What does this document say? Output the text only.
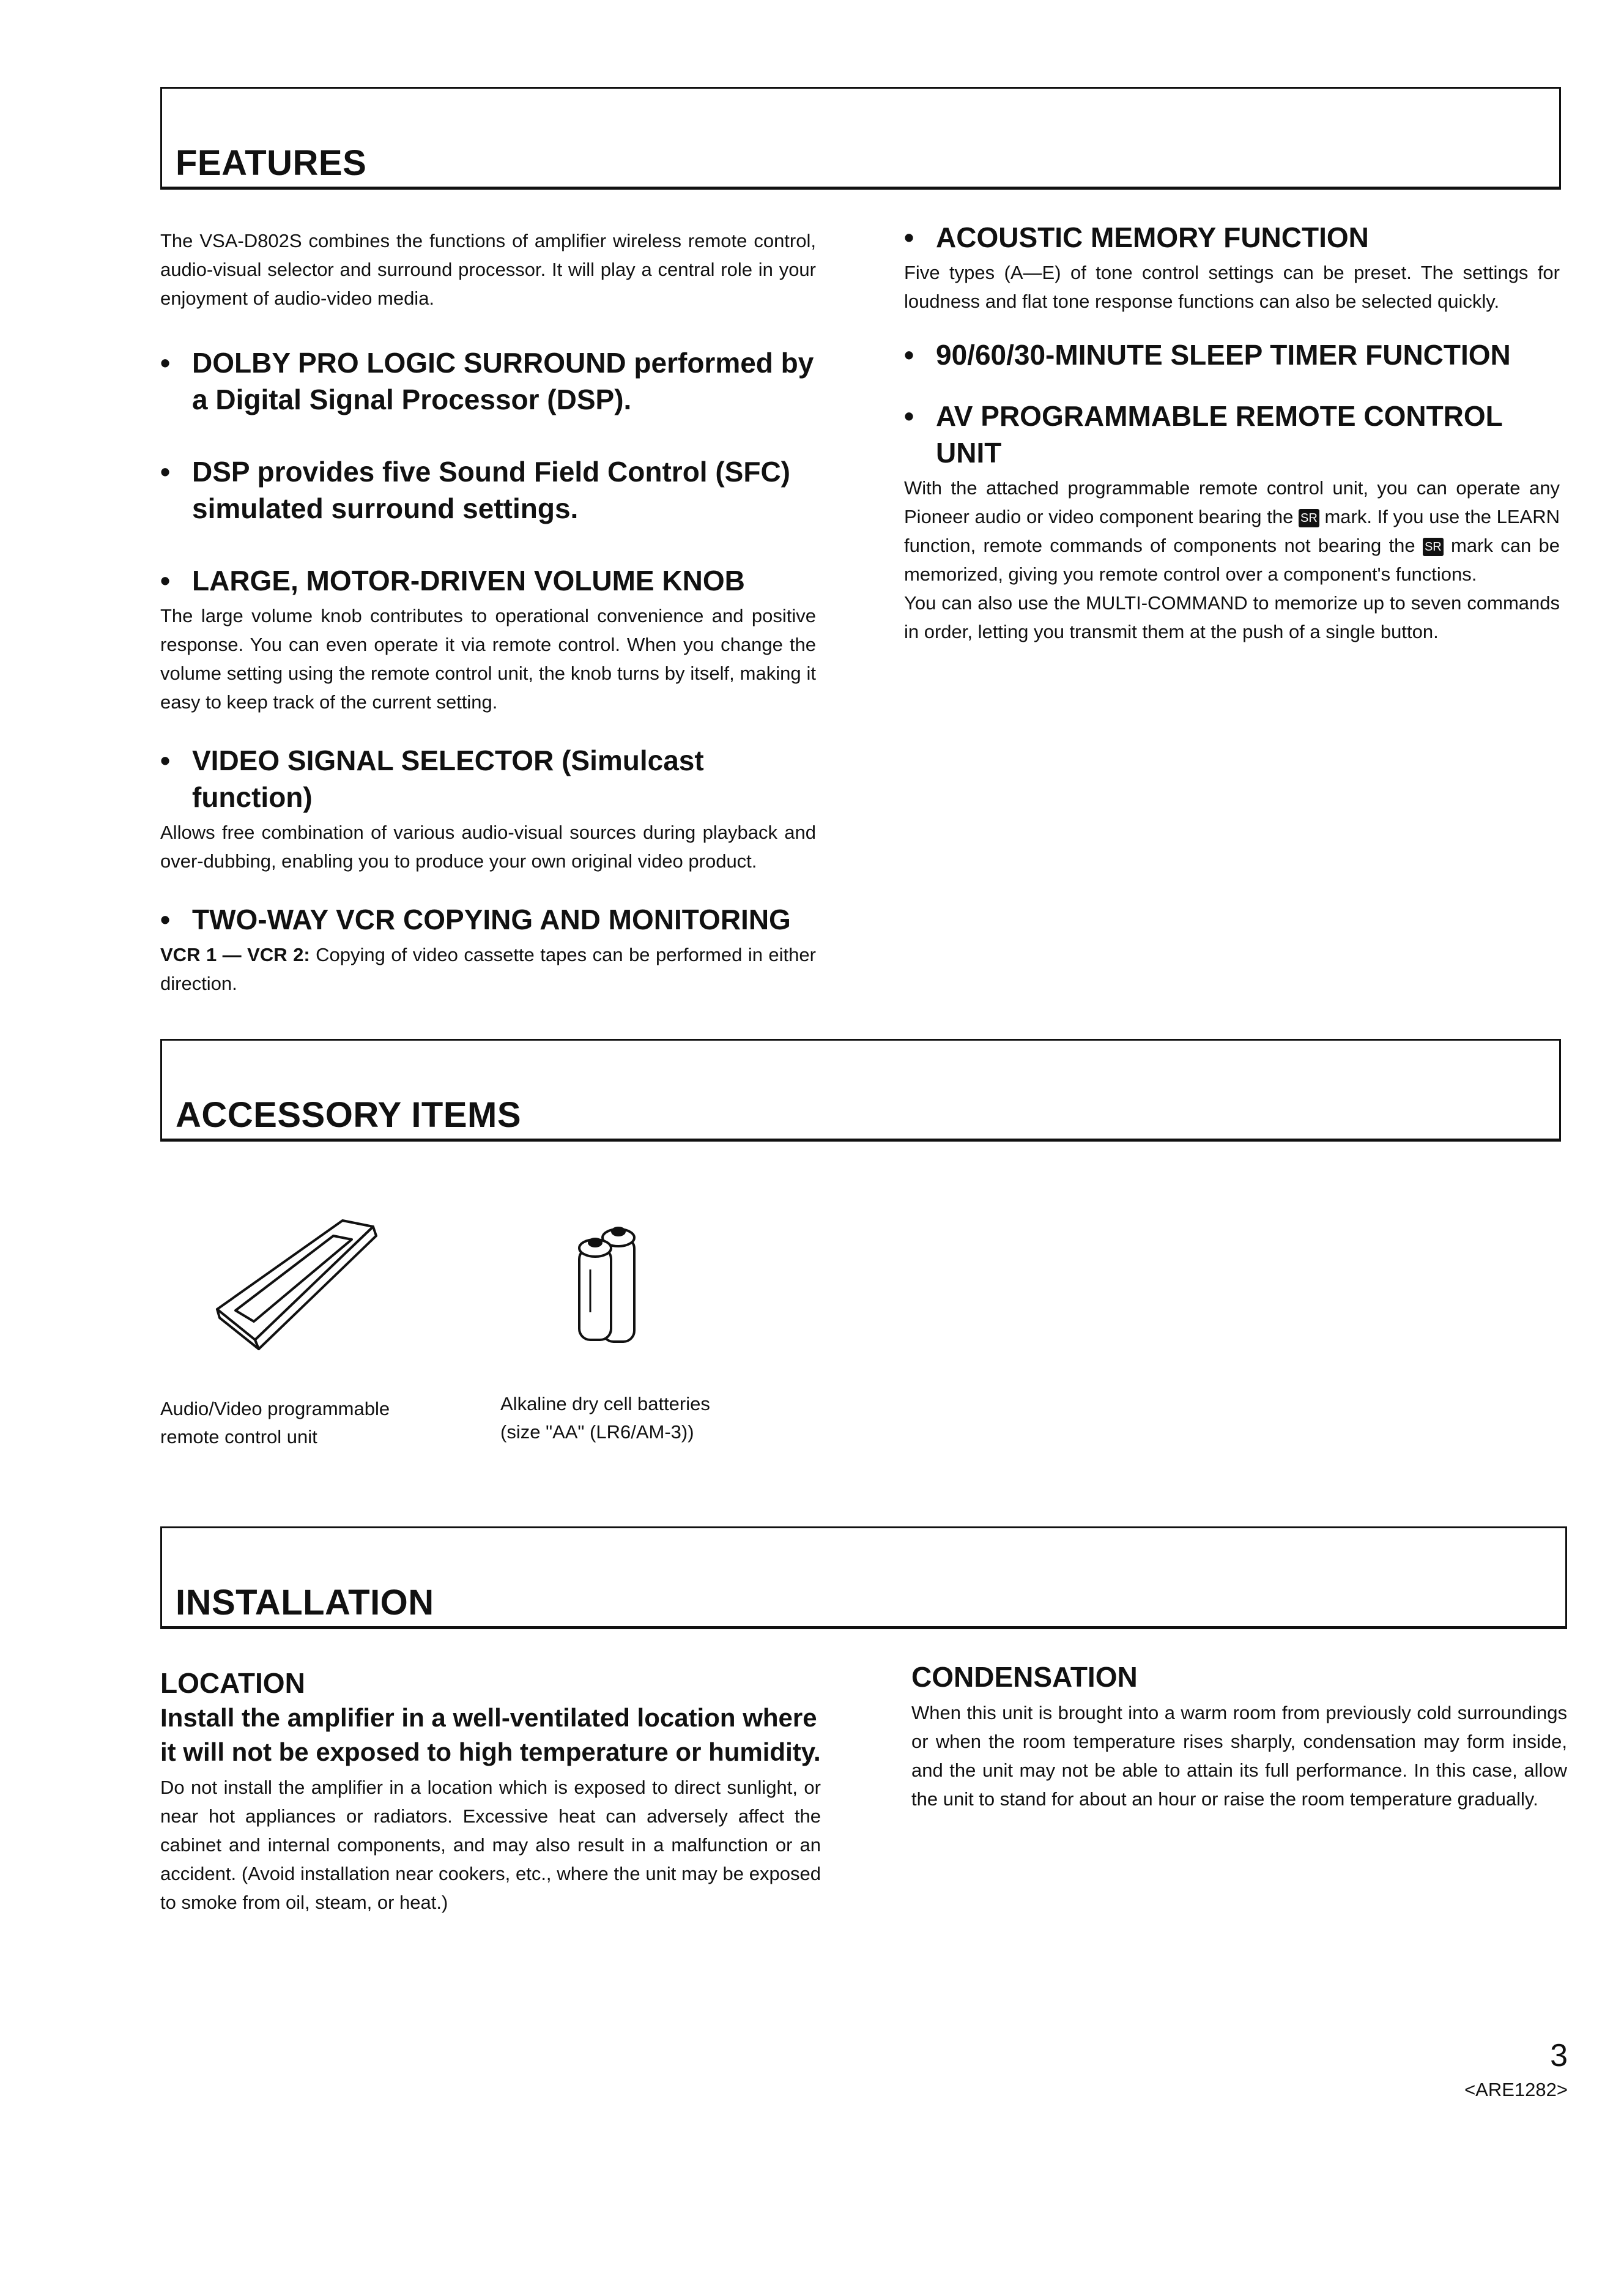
FEATURES

The VSA-D802S combines the functions of amplifier wireless remote control, audio-visual selector and surround processor. It will play a central role in your enjoyment of audio-video media.

• DOLBY PRO LOGIC SURROUND performed by a Digital Signal Processor (DSP).

• DSP provides five Sound Field Control (SFC) simulated surround settings.

• LARGE, MOTOR-DRIVEN VOLUME KNOB

The large volume knob contributes to operational convenience and positive response. You can even operate it via remote control. When you change the volume setting using the remote control unit, the knob turns by itself, making it easy to keep track of the current setting.

• VIDEO SIGNAL SELECTOR (Simulcast function)

Allows free combination of various audio-visual sources during playback and over-dubbing, enabling you to produce your own original video product.

• TWO-WAY VCR COPYING AND MONITORING

VCR 1 — VCR 2: Copying of video cassette tapes can be performed in either direction.

• ACOUSTIC MEMORY FUNCTION

Five types (A—E) of tone control settings can be preset. The settings for loudness and flat tone response functions can also be selected quickly.

• 90/60/30-MINUTE SLEEP TIMER FUNCTION

• AV PROGRAMMABLE REMOTE CONTROL UNIT

With the attached programmable remote control unit, you can operate any Pioneer audio or video component bearing the SR mark. If you use the LEARN function, remote commands of components not bearing the SR mark can be memorized, giving you remote control over a component's functions.

You can also use the MULTI-COMMAND to memorize up to seven commands in order, letting you transmit them at the push of a single button.

ACCESSORY ITEMS
Audio/Video programmable
remote control unit
Alkaline dry cell batteries
(size "AA" (LR6/AM-3))
INSTALLATION

LOCATION

Install the amplifier in a well-ventilated location where it will not be exposed to high temperature or humidity.

Do not install the amplifier in a location which is exposed to direct sunlight, or near hot appliances or radiators. Excessive heat can adversely affect the cabinet and internal components, and may also result in a malfunction or an accident. (Avoid installation near cookers, etc., where the unit may be exposed to smoke from oil, steam, or heat.)

CONDENSATION

When this unit is brought into a warm room from previously cold surroundings or when the room temperature rises sharply, condensation may form inside, and the unit may not be able to attain its full performance. In this case, allow the unit to stand for about an hour or raise the room temperature gradually.

3
<ARE1282>
